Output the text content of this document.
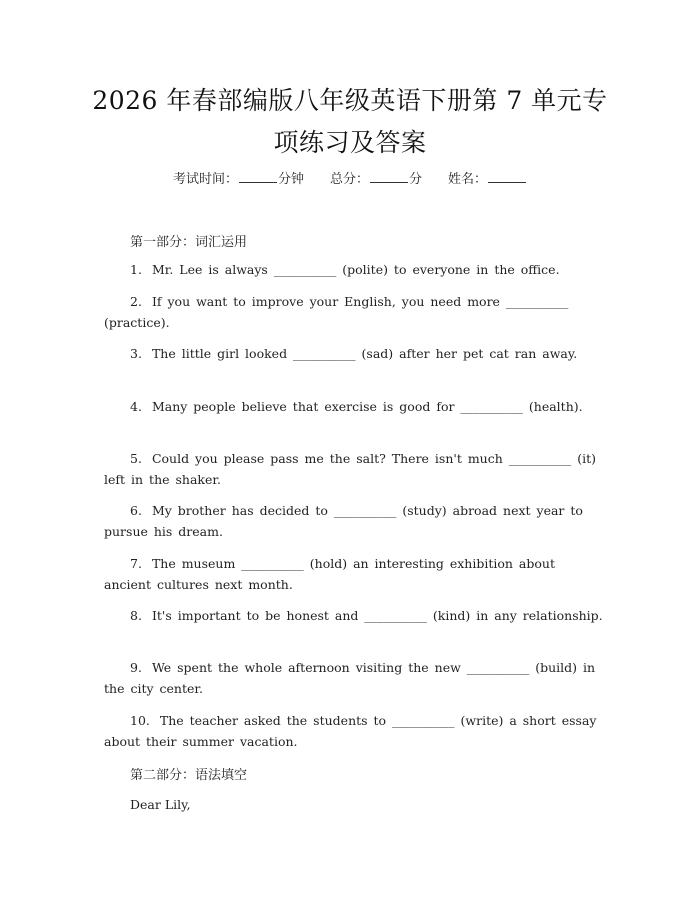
2026 年春部编版八年级英语下册第 7 单元专
项练习及答案
考试时间：	分钟 总分：	分 姓名：
第一部分：词汇运用
1. Mr. Lee is always __________ (polite) to everyone in the office.
2. If you want to improve your English, you need more __________ (practice).
3. The little girl looked __________ (sad) after her pet cat ran away.
4. Many people believe that exercise is good for __________ (health).
5. Could you please pass me the salt? There isn't much __________ (it) left in the shaker.
6. My brother has decided to __________ (study) abroad next year to pursue his dream.
7. The museum __________ (hold) an interesting exhibition about ancient cultures next month.
8. It's important to be honest and __________ (kind) in any relationship.
9. We spent the whole afternoon visiting the new __________ (build) in the city center.
10. The teacher asked the students to __________ (write) a short essay about their summer vacation.
第二部分：语法填空
Dear Lily,
